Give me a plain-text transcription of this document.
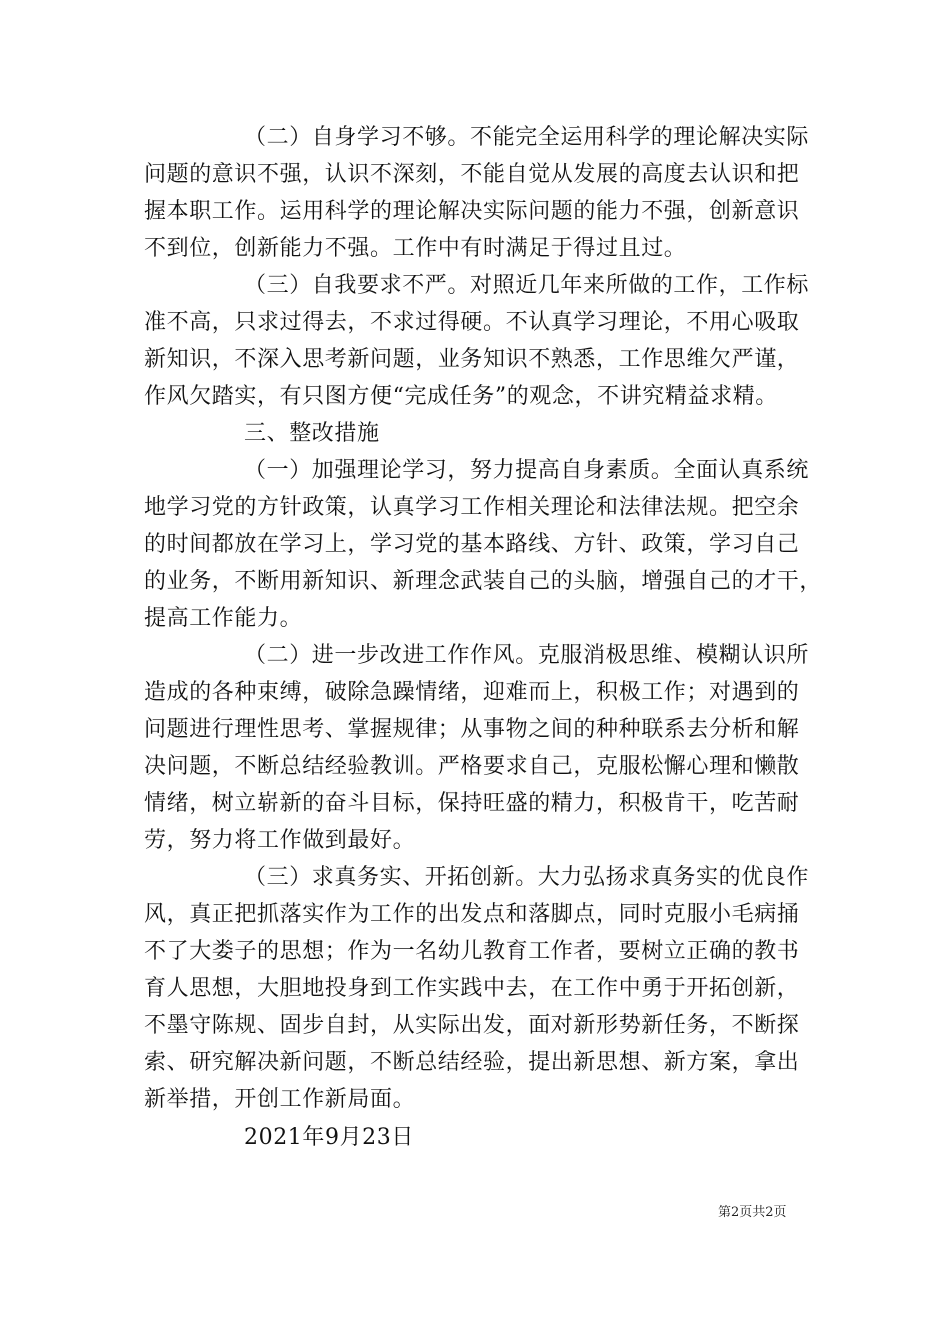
（二）自身学习不够。不能完全运用科学的理论解决实际
问题的意识不强，认识不深刻，不能自觉从发展的高度去认识和把
握本职工作。运用科学的理论解决实际问题的能力不强，创新意识
不到位，创新能力不强。工作中有时满足于得过且过。
（三）自我要求不严。对照近几年来所做的工作，工作标
准不高，只求过得去，不求过得硬。不认真学习理论，不用心吸取
新知识，不深入思考新问题，业务知识不熟悉，工作思维欠严谨，
作风欠踏实，有只图方便“完成任务”的观念，不讲究精益求精。
三、整改措施
（一）加强理论学习，努力提高自身素质。全面认真系统
地学习党的方针政策，认真学习工作相关理论和法律法规。把空余
的时间都放在学习上，学习党的基本路线、方针、政策，学习自己
的业务，不断用新知识、新理念武装自己的头脑，增强自己的才干，
提高工作能力。
（二）进一步改进工作作风。克服消极思维、模糊认识所
造成的各种束缚，破除急躁情绪，迎难而上，积极工作；对遇到的
问题进行理性思考、掌握规律；从事物之间的种种联系去分析和解
决问题，不断总结经验教训。严格要求自己，克服松懈心理和懒散
情绪，树立崭新的奋斗目标，保持旺盛的精力，积极肯干，吃苦耐
劳，努力将工作做到最好。
（三）求真务实、开拓创新。大力弘扬求真务实的优良作
风，真正把抓落实作为工作的出发点和落脚点，同时克服小毛病捅
不了大娄子的思想；作为一名幼儿教育工作者，要树立正确的教书
育人思想，大胆地投身到工作实践中去，在工作中勇于开拓创新，
不墨守陈规、固步自封，从实际出发，面对新形势新任务，不断探
索、研究解决新问题，不断总结经验，提出新思想、新方案，拿出
新举措，开创工作新局面。
2021年9月23日
第2页共2页
